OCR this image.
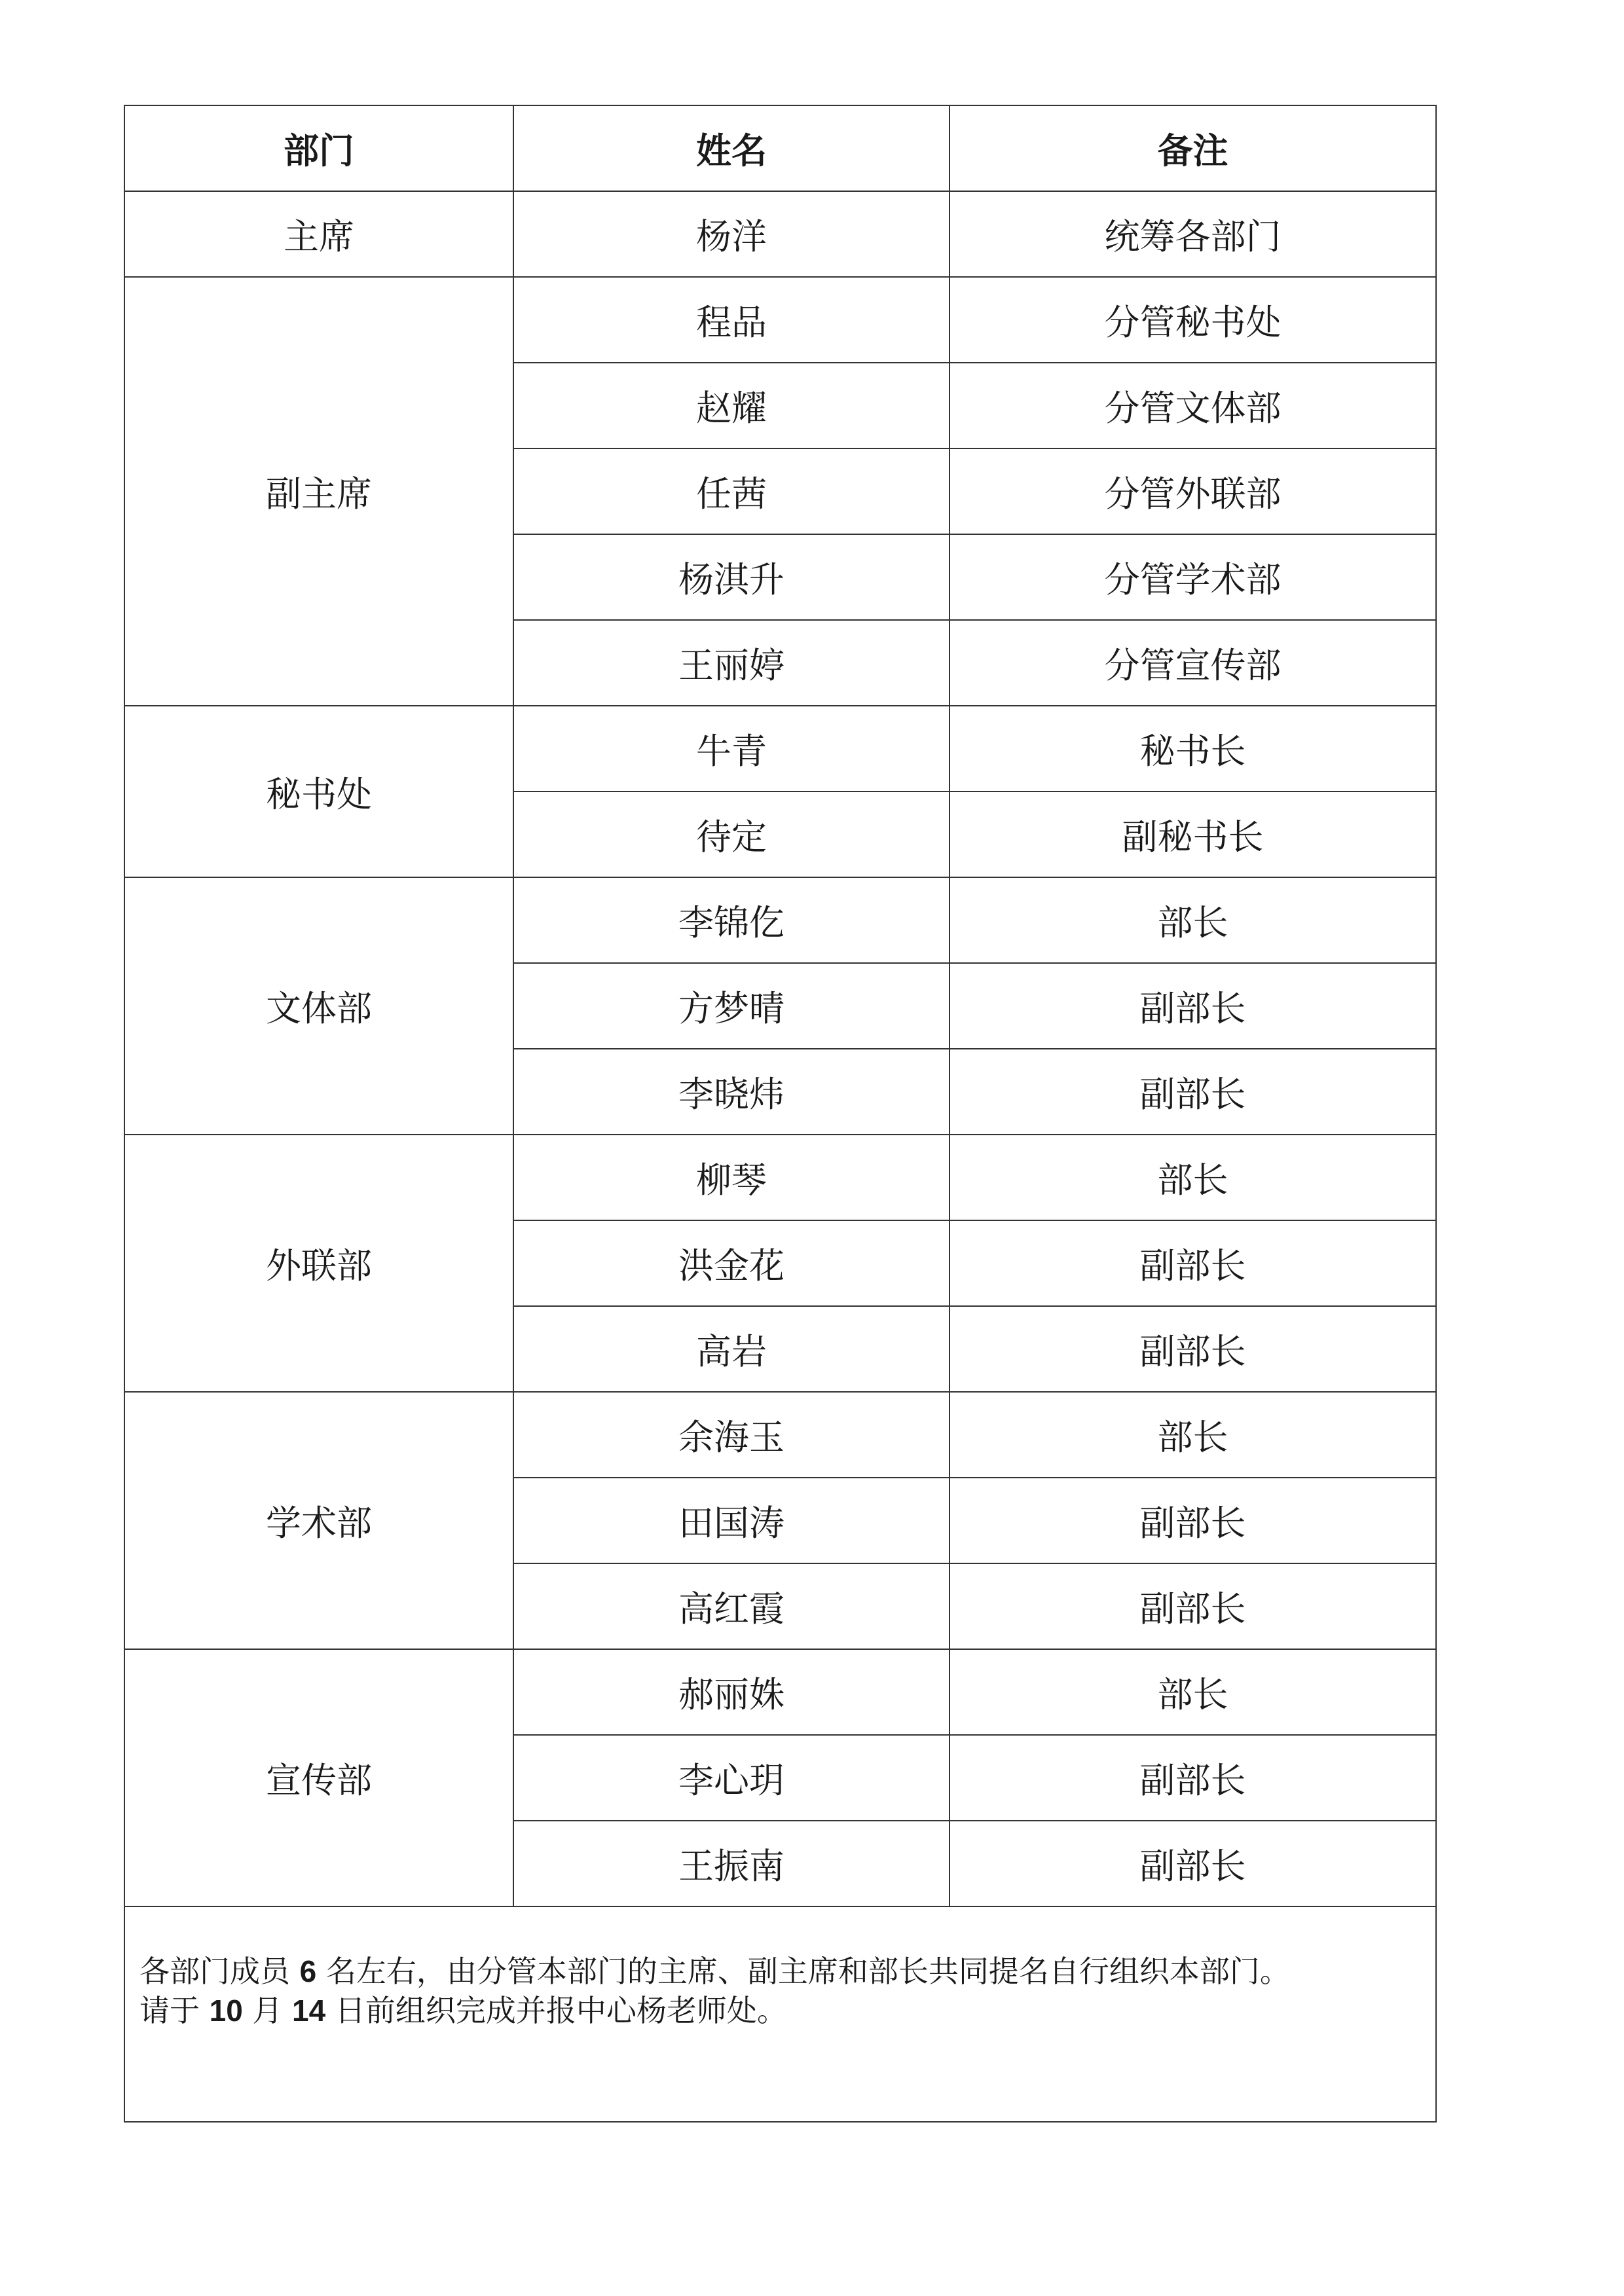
部门	姓名	备注
主席	杨洋	统筹各部门
副主席	程品	分管秘书处
	赵耀	分管文体部
	任茜	分管外联部
	杨淇升	分管学术部
	王丽婷	分管宣传部
秘书处	牛青	秘书长
	待定	副秘书长
文体部	李锦仡	部长
	方梦晴	副部长
	李晓炜	副部长
外联部	柳琴	部长
	洪金花	副部长
	高岩	副部长
学术部	余海玉	部长
	田国涛	副部长
	高红霞	副部长
宣传部	郝丽姝	部长
	李心玥	副部长
	王振南	副部长

各部门成员 6 名左右，由分管本部门的主席、副主席和部长共同提名自行组织本部门。
请于 10 月 14 日前组织完成并报中心杨老师处。		
